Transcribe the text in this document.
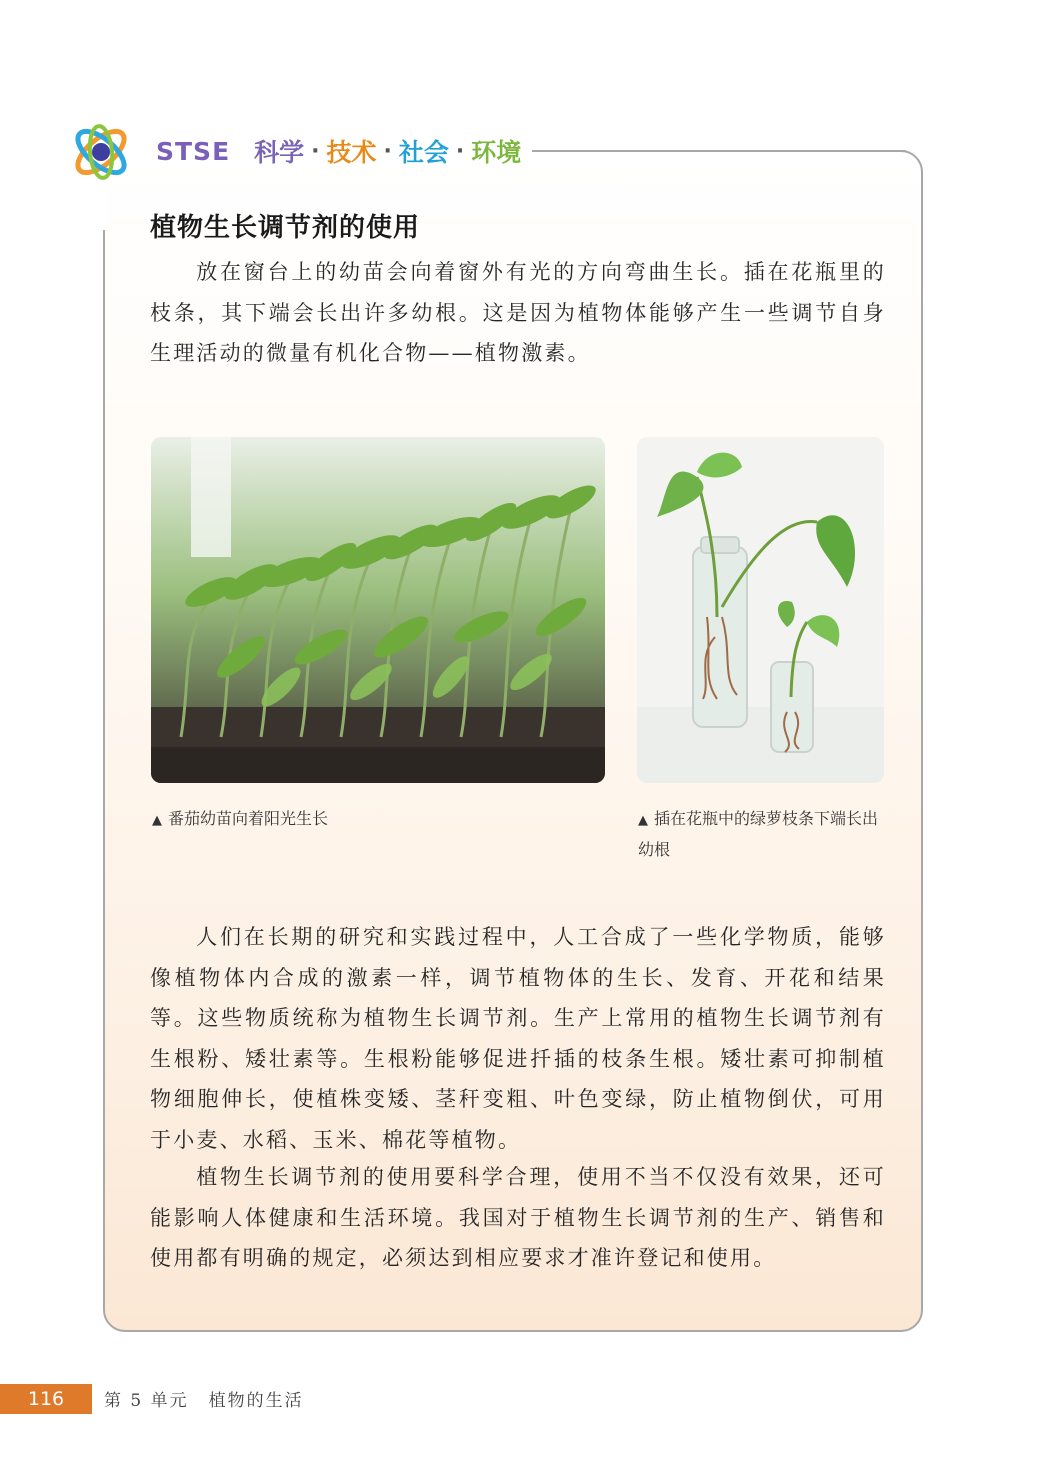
STSE 科学 · 技术 · 社会 · 环境
植物生长调节剂的使用

放在窗台上的幼苗会向着窗外有光的方向弯曲生长。插在花瓶里的枝条，其下端会长出许多幼根。这是因为植物体能够产生一些调节自身生理活动的微量有机化合物——植物激素。

▲ 番茄幼苗向着阳光生长	▲ 插在花瓶中的绿萝枝条下端长出幼根

人们在长期的研究和实践过程中，人工合成了一些化学物质，能够像植物体内合成的激素一样，调节植物体的生长、发育、开花和结果等。这些物质统称为植物生长调节剂。生产上常用的植物生长调节剂有生根粉、矮壮素等。生根粉能够促进扦插的枝条生根。矮壮素可抑制植物细胞伸长，使植株变矮、茎秆变粗、叶色变绿，防止植物倒伏，可用于小麦、水稻、玉米、棉花等植物。

植物生长调节剂的使用要科学合理，使用不当不仅没有效果，还可能影响人体健康和生活环境。我国对于植物生长调节剂的生产、销售和使用都有明确的规定，必须达到相应要求才准许登记和使用。

116	第 5 单元 植物的生活
